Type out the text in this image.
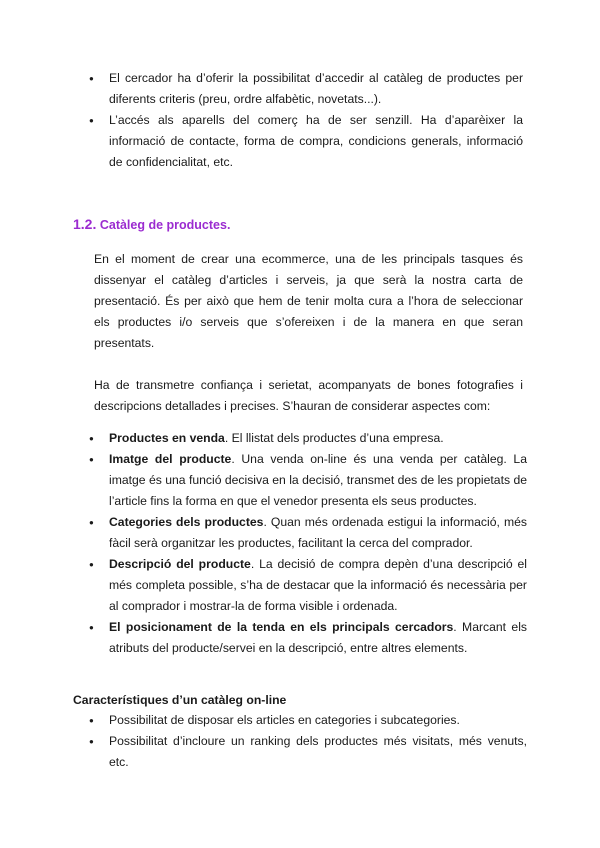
● El cercador ha d’oferir la possibilitat d’accedir al catàleg de productes per diferents criteris (preu, ordre alfabètic, novetats...).
● L’accés als aparells del comerç ha de ser senzill. Ha d’aparèixer la informació de contacte, forma de compra, condicions generals, informació de confidencialitat, etc.
1.2. Catàleg de productes.

En el moment de crear una ecommerce, una de les principals tasques és dissenyar el catàleg d’articles i serveis, ja que serà la nostra carta de presentació. És per això que hem de tenir molta cura a l’hora de seleccionar els productes i/o serveis que s’ofereixen i de la manera en que seran presentats.

Ha de transmetre confiança i serietat, acompanyats de bones fotografies i descripcions detallades i precises. S’hauran de considerar aspectes com:

● Productes en venda. El llistat dels productes d’una empresa.
● Imatge del producte. Una venda on-line és una venda per catàleg. La imatge és una funció decisiva en la decisió, transmet des de les propietats de l’article fins la forma en que el venedor presenta els seus productes.
● Categories dels productes. Quan més ordenada estigui la informació, més fàcil serà organitzar les productes, facilitant la cerca del comprador.
● Descripció del producte. La decisió de compra depèn d’una descripció el més completa possible, s’ha de destacar que la informació és necessària per al comprador i mostrar-la de forma visible i ordenada.
● El posicionament de la tenda en els principals cercadors. Marcant els atributs del producte/servei en la descripció, entre altres elements.
Característiques d’un catàleg on-line
● Possibilitat de disposar els articles en categories i subcategories.
● Possibilitat d’incloure un ranking dels productes més visitats, més venuts, etc.
